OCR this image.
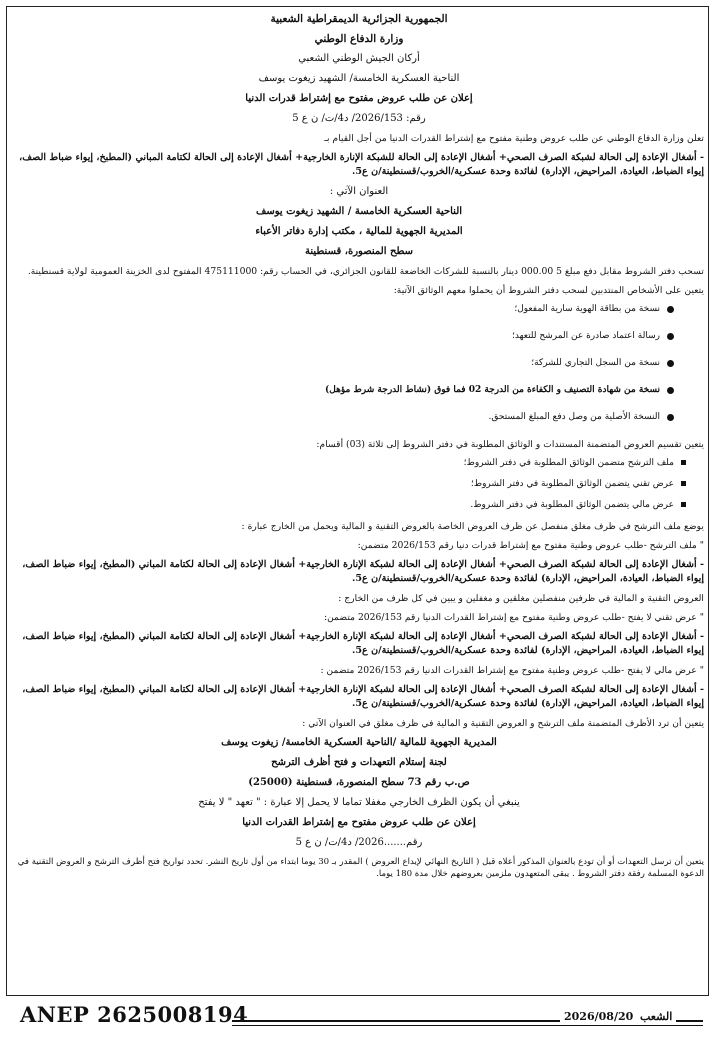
الجمهورية الجزائرية الديمقراطية الشعبية

وزارة الدفاع الوطني

أركان الجيش الوطني الشعبي

الناحية العسكرية الخامسة/ الشهيد زيغوت يوسف

إعلان عن طلب عروض مفتوح مع إشتراط قدرات الدنيا

رقم: 2026/153/ د4/ت/ ن ع 5

تعلن وزارة الدفاع الوطني عن طلب عروض وطنية مفتوح مع إشتراط القدرات الدنيا من أجل القيام بـ

- أشغال الإعادة إلى الحالة لشبكة الصرف الصحي+ أشغال الإعادة إلى الحالة للشبكة الإنارة الخارجية+ أشغال الإعادة إلى الحالة لكتامة المباني (المطبخ، إيواء ضباط الصف، إيواء الضباط، العيادة، المراحيض، الإدارة) لفائدة وحدة عسكرية/الخروب/قسنطينة/ن ع5.

العنوان الآتي :

الناحية العسكرية الخامسة / الشهيد زيغوت يوسف

المديرية الجهوية للمالية ، مكتب إدارة دفاتر الأعباء

سطح المنصورة، قسنطينة

تسحب دفتر الشروط مقابل دفع مبلغ 5 000.00 دينار بالنسبة للشركات الخاضعة للقانون الجزائري، في الحساب رقم: 475111000 المفتوح لدى الخزينة العمومية لولاية قسنطينة.

يتعين على الأشخاص المنتدبين لسحب دفتر الشروط أن يحملوا معهم الوثائق الآتية:

نسخة من بطاقة الهوية سارية المفعول؛
رسالة اعتماد صادرة عن المرشح للتعهد؛
نسخة من السجل التجاري للشركة؛
نسخة من شهادة التصنيف و الكفاءة من الدرجة 02 فما فوق (نشاط الدرجة شرط مؤهل)
النسخة الأصلية من وصل دفع المبلغ المستحق.

يتعين تقسيم العروض المتضمنة المستندات و الوثائق المطلوبة في دفتر الشروط إلى ثلاثة (03) أقسام:

ملف الترشح متضمن الوثائق المطلوبة في دفتر الشروط؛
عرض تقني يتضمن الوثائق المطلوبة في دفتر الشروط؛
عرض مالي يتضمن الوثائق المطلوبة في دفتر الشروط.

يوضع ملف الترشح في ظرف مغلق منفصل عن ظرف العروض الخاصة بالعروض التقنية و المالية ويحمل من الخارج عبارة :

" ملف الترشح -طلب عروض وطنية مفتوح مع إشتراط قدرات دنيا رقم 2026/153 متضمن:

- أشغال الإعادة إلى الحالة لشبكة الصرف الصحي+ أشغال الإعادة إلى الحالة لشبكة الإنارة الخارجية+ أشغال الإعادة إلى الحالة لكتامة المباني (المطبخ، إيواء ضباط الصف، إيواء الضباط، العيادة، المراحيض، الإدارة) لفائدة وحدة عسكرية/الخروب/قسنطينة/ن ع5.

العروض التقنية و المالية في ظرفين منفصلين مغلقين و مغفلين و يبين في كل ظرف من الخارج :

" عرض تقني لا يفتح -طلب عروض وطنية مفتوح مع إشتراط القدرات الدنيا رقم 2026/153 متضمن:

- أشغال الإعادة إلى الحالة لشبكة الصرف الصحي+ أشغال الإعادة إلى الحالة لشبكة الإنارة الخارجية+ أشغال الإعادة إلى الحالة لكتامة المباني (المطبخ، إيواء ضباط الصف، إيواء الضباط، العيادة، المراحيض، الإدارة) لفائدة وحدة عسكرية/الخروب/قسنطينة/ن ع5.

" عرض مالي لا يفتح -طلب عروض وطنية مفتوح مع إشتراط القدرات الدنيا رقم 2026/153 متضمن :

- أشغال الإعادة إلى الحالة لشبكة الصرف الصحي+ أشغال الإعادة إلى الحالة لشبكة الإنارة الخارجية+ أشغال الإعادة إلى الحالة لكتامة المباني (المطبخ، إيواء ضباط الصف، إيواء الضباط، العيادة، المراحيض، الإدارة) لفائدة وحدة عسكرية/الخروب/قسنطينة/ن ع5.

يتعين أن ترد الأظرف المتضمنة ملف الترشح و العروض التقنية و المالية في ظرف مغلق في العنوان الآتي :

المديرية الجهوية للمالية /الناحية العسكرية الخامسة/ زيغوت يوسف

لجنة إستلام التعهدات و فتح أظرف الترشح

ص.ب رقم 73 سطح المنصورة، قسنطينة (25000)

ينبغي أن يكون الظرف الخارجي مغفلا تماما لا يحمل إلا عبارة : " تعهد " لا يفتح

إعلان عن طلب عروض مفتوح مع إشتراط القدرات الدنيا

رقم.......2026/ د4/ت/ ن ع 5

يتعين أن ترسل التعهدات أو أن تودع بالعنوان المذكور أعلاه قبل ( التاريخ النهائي لإيداع العروض ) المقدر بـ 30 يوما ابتداء من أول تاريخ النشر. تحدد تواريخ فتح أظرف الترشح و العروض التقنية في الدعوة المسلمة رفقة دفتر الشروط . يبقى المتعهدون ملزمين بعروضهم خلال مدة 180 يوما.

ANEP 2625008194	2026/08/20 الشعب
